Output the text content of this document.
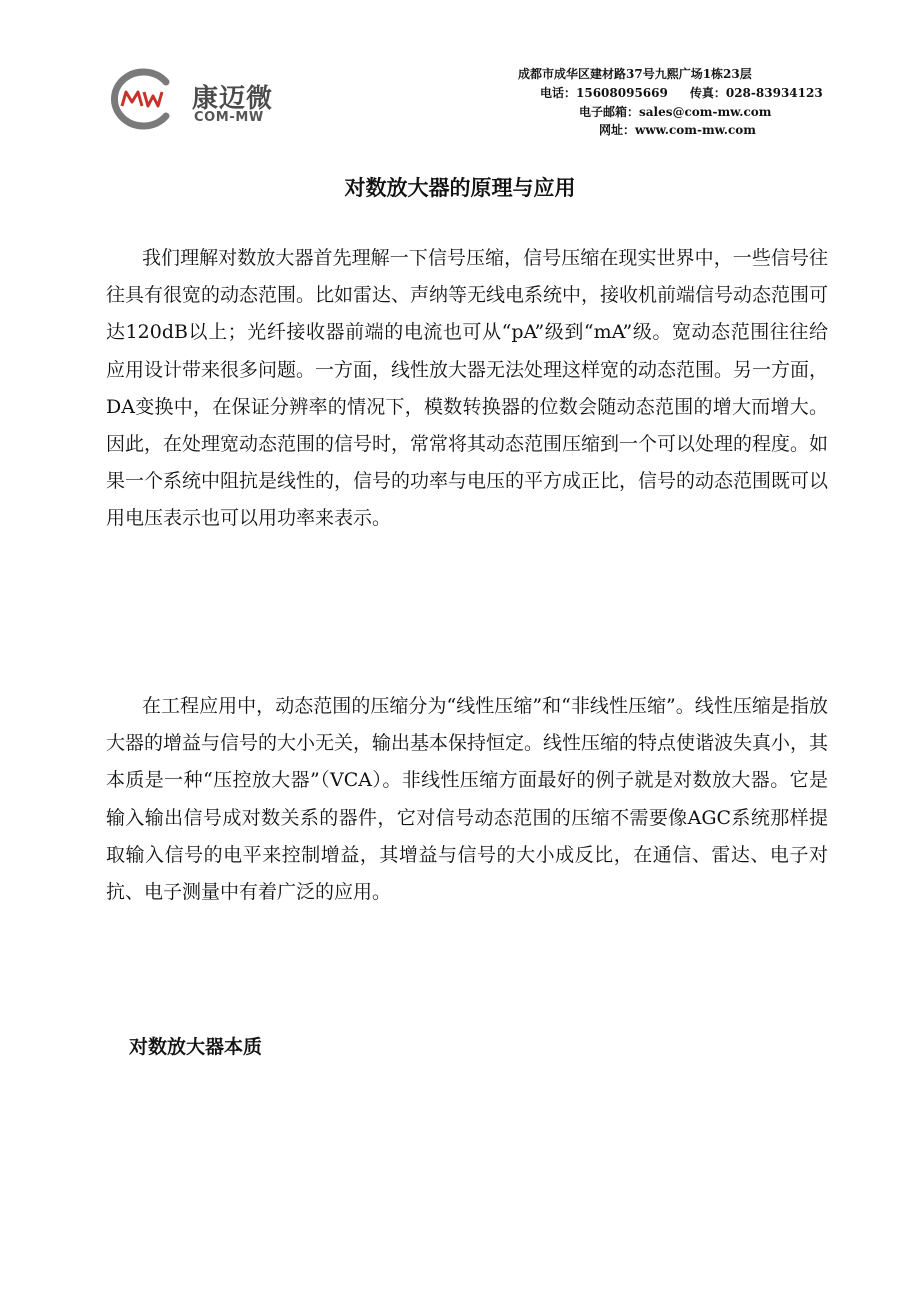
康迈微
COM-MW
成都市成华区建材路37号九熙广场1栋23层
电话：15608095669 传真：028-83934123
电子邮箱：sales@com-mw.com
网址：www.com-mw.com
对数放大器的原理与应用

我们理解对数放大器首先理解一下信号压缩，信号压缩在现实世界中，一些信号往往具有很宽的动态范围。比如雷达、声纳等无线电系统中，接收机前端信号动态范围可达120dB以上；光纤接收器前端的电流也可从“pA”级到“mA”级。宽动态范围往往给应用设计带来很多问题。一方面，线性放大器无法处理这样宽的动态范围。另一方面，DA变换中，在保证分辨率的情况下，模数转换器的位数会随动态范围的增大而增大。因此，在处理宽动态范围的信号时，常常将其动态范围压缩到一个可以处理的程度。如果一个系统中阻抗是线性的，信号的功率与电压的平方成正比，信号的动态范围既可以用电压表示也可以用功率来表示。

在工程应用中，动态范围的压缩分为“线性压缩”和“非线性压缩”。线性压缩是指放大器的增益与信号的大小无关，输出基本保持恒定。线性压缩的特点使谐波失真小，其本质是一种“压控放大器”（VCA）。非线性压缩方面最好的例子就是对数放大器。它是输入输出信号成对数关系的器件，它对信号动态范围的压缩不需要像AGC系统那样提取输入信号的电平来控制增益，其增益与信号的大小成反比，在通信、雷达、电子对抗、电子测量中有着广泛的应用。

对数放大器本质
